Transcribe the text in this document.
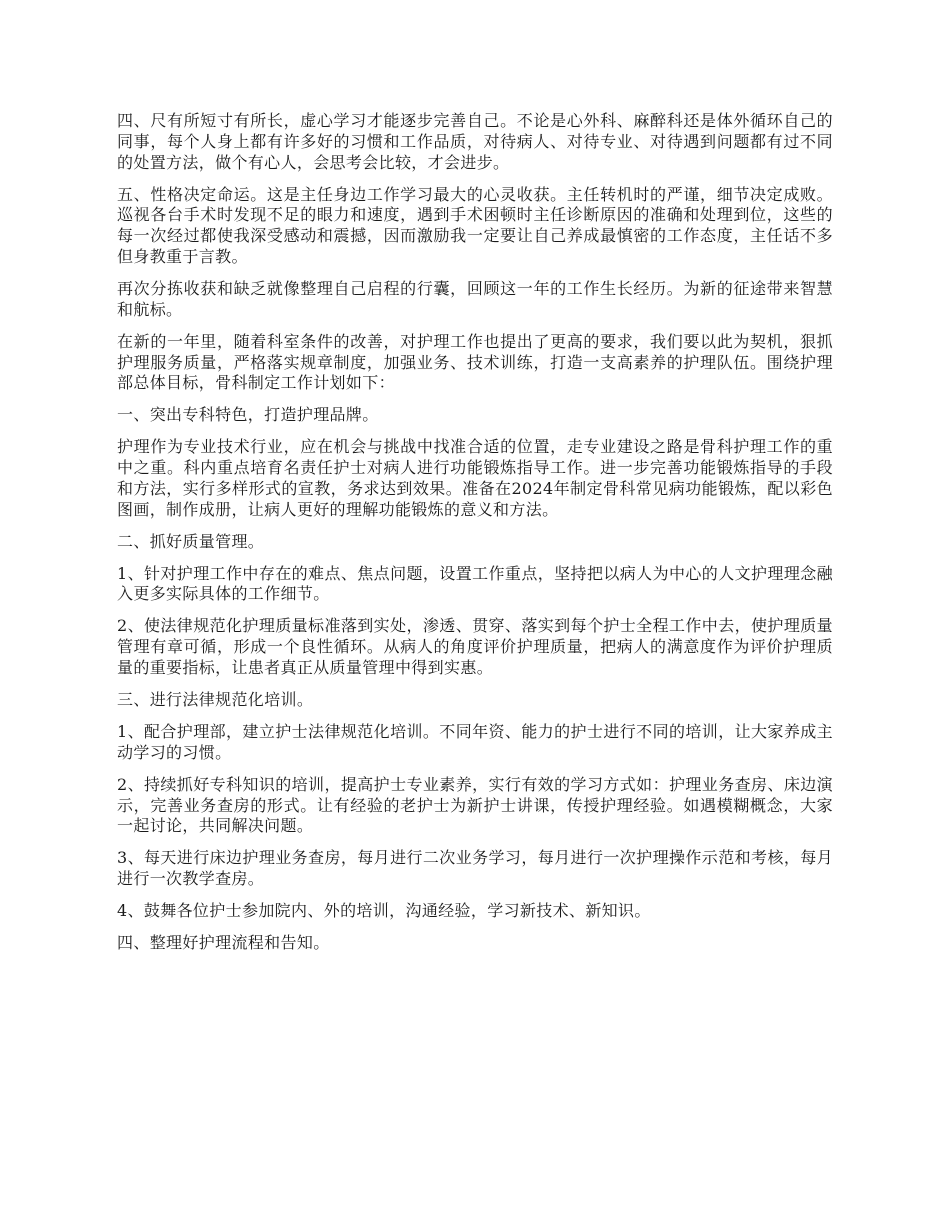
四、尺有所短寸有所长，虚心学习才能逐步完善自己。不论是心外科、麻醉科还是体外循环自己的同事，每个人身上都有许多好的习惯和工作品质，对待病人、对待专业、对待遇到问题都有过不同的处置方法，做个有心人，会思考会比较，才会进步。

五、性格决定命运。这是主任身边工作学习最大的心灵收获。主任转机时的严谨，细节决定成败。巡视各台手术时发现不足的眼力和速度，遇到手术困顿时主任诊断原因的准确和处理到位，这些的每一次经过都使我深受感动和震撼，因而激励我一定要让自己养成最慎密的工作态度，主任话不多但身教重于言教。

再次分拣收获和缺乏就像整理自己启程的行囊，回顾这一年的工作生长经历。为新的征途带来智慧和航标。

在新的一年里，随着科室条件的改善，对护理工作也提出了更高的要求，我们要以此为契机，狠抓护理服务质量，严格落实规章制度，加强业务、技术训练，打造一支高素养的护理队伍。围绕护理部总体目标，骨科制定工作计划如下：

一、突出专科特色，打造护理品牌。

护理作为专业技术行业，应在机会与挑战中找准合适的位置，走专业建设之路是骨科护理工作的重中之重。科内重点培育名责任护士对病人进行功能锻炼指导工作。进一步完善功能锻炼指导的手段和方法，实行多样形式的宣教，务求达到效果。准备在2024年制定骨科常见病功能锻炼，配以彩色图画，制作成册，让病人更好的理解功能锻炼的意义和方法。

二、抓好质量管理。

1、针对护理工作中存在的难点、焦点问题，设置工作重点，坚持把以病人为中心的人文护理理念融入更多实际具体的工作细节。

2、使法律规范化护理质量标准落到实处，渗透、贯穿、落实到每个护士全程工作中去，使护理质量管理有章可循，形成一个良性循环。从病人的角度评价护理质量，把病人的满意度作为评价护理质量的重要指标，让患者真正从质量管理中得到实惠。

三、进行法律规范化培训。

1、配合护理部，建立护士法律规范化培训。不同年资、能力的护士进行不同的培训，让大家养成主动学习的习惯。

2、持续抓好专科知识的培训，提高护士专业素养，实行有效的学习方式如：护理业务查房、床边演示，完善业务查房的形式。让有经验的老护士为新护士讲课，传授护理经验。如遇模糊概念，大家一起讨论，共同解决问题。

3、每天进行床边护理业务查房，每月进行二次业务学习，每月进行一次护理操作示范和考核，每月进行一次教学查房。

4、鼓舞各位护士参加院内、外的培训，沟通经验，学习新技术、新知识。

四、整理好护理流程和告知。
